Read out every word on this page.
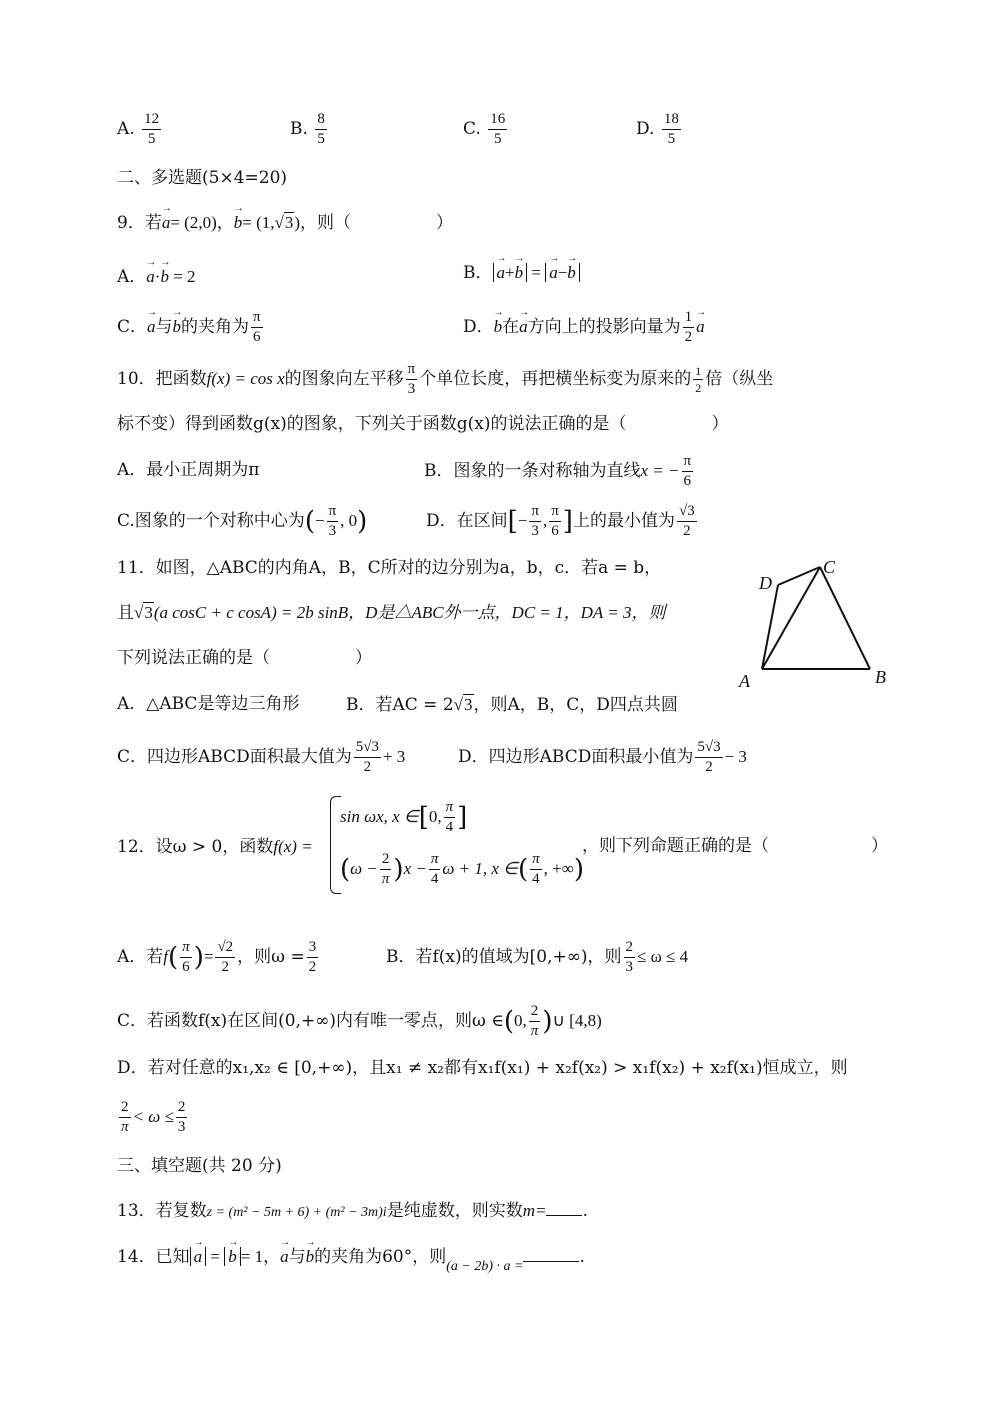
A. $\frac{12}{5}$	B. $\frac{8}{5}$	C. $\frac{16}{5}$	D. $\frac{18}{5}$
二、多选题(5×4=20)
9．若→ a= (2,0)，→ b= (1,√3)，则（　　　　　）
A．→ a·→ b = 2	B．→ a+→ b = → a−→ b
C．→ a与→ b的夹角为 $\frac{\pi}{6}$	D．→ b在→ a方向上的投影向量为 $\frac{1}{2}$
→ a
10．把函数f(x) = cos x的图象向左平移 $\frac{\pi}{3}$ 个单位长度，再把横坐标变为原来的 $\frac{1}{2}$ 倍（纵坐
标不变）得到函数g(x)的图象，下列关于函数g(x)的说法正确的是（　　　　　）
A．最小正周期为π	B．图象的一条对称轴为直线x = − $\frac{\pi}{6}$
C.图象的一个对称中心为(− $\frac{\pi}{3}$ , 0)	D．在区间[− $\frac{\pi}{3}$ , $\frac{\pi}{6}$ ]上的最小值为 $\frac{√3}{2}$
11．如图，△ABC的内角A，B，C所对的边分别为a，b，c．若a = b，
且√3(a cosC + c cosA) = 2b sinB，D是△ABC外一点，DC = 1，DA = 3，则
下列说法正确的是（　　　　　）
A	B
C
D
A．△ABC是等边三角形	B．若AC = 2√3，则A，B，C，D四点共圆
C．四边形ABCD面积最大值为 $\frac{5√3}{2} + 3$	D．四边形ABCD面积最小值为 $\frac{5√3}{2} - 3$
12．设ω > 0，函数f(x) =
sin ωx, x ∈[0, $\frac{\pi}{4}$ ]
$(\omega - \frac{2}{\pi} )x - \frac{\pi}{4}$ ω + 1, x ∈( $\frac{\pi}{4}$ , +∞)
，则下列命题正确的是（　　　　　　）
A．若$f( \frac{\pi}{6}$ )= $\frac{√2}{2}$ ，则$\omega = \frac{3}{2}$	B．若f(x)的值域为[0,+∞)，则 $\frac{2}{3} \le \omega \le 4$
C．若函数f(x)在区间(0,+∞)内有唯一零点，则ω ∈(0, $\frac{2}{\pi}$ )∪ [4,8)
D．若对任意的x₁,x₂ ∈ [0,+∞)，且x₁ ≠ x₂都有x₁f(x₁) + x₂f(x₂) > x₁f(x₂) + x₂f(x₁)恒成立，则
$\frac{2}{\pi} < \omega \le \frac{2}{3}$
三、填空题(共 20 分)
13．若复数z = (m² − 5m + 6) + (m² − 3m)i是纯虚数，则实数m= .
14．已知→ a = → b = 1，→ a与→ b的夹角为60°，则$_{(a - 2b) \cdot a =}$	.
